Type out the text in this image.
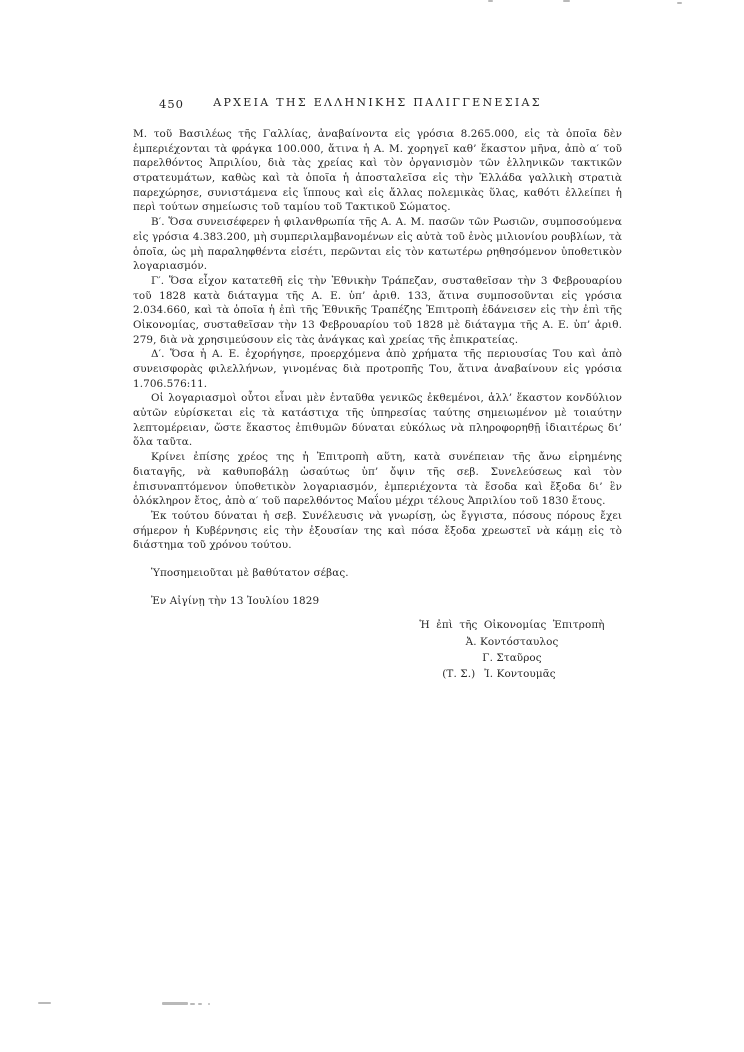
450	ΑΡΧΕΙΑ ΤΗΣ ΕΛΛΗΝΙΚΗΣ ΠΑΛΙΓΓΕΝΕΣΙΑΣ

Μ. τοῦ Βασιλέως τῆς Γαλλίας, ἀναβαίνοντα εἰς γρόσια 8.265.000, εἰς τὰ ὁποῖα δὲν ἐμπεριέχονται τὰ φράγκα 100.000, ἅτινα ἡ Α. Μ. χορηγεῖ καθ’ ἕκαστον μῆνα, ἀπὸ α′ τοῦ παρελθόντος Ἀπριλίου, διὰ τὰς χρείας καὶ τὸν ὀργανισμὸν τῶν ἑλληνικῶν τακτικῶν στρατευμάτων, καθὼς καὶ τὰ ὁποῖα ἡ ἀποσταλεῖσα εἰς τὴν Ἑλλάδα γαλλικὴ στρατιὰ παρεχώρησε, συνιστάμενα εἰς ἵππους καὶ εἰς ἄλλας πολεμικὰς ὕλας, καθότι ἐλλείπει ἡ περὶ τούτων σημείωσις τοῦ ταμίου τοῦ Τακτικοῦ Σώματος.

Β′. Ὅσα συνεισέφερεν ἡ φιλανθρωπία τῆς Α. Α. Μ. πασῶν τῶν Ρωσιῶν, συμποσούμενα εἰς γρόσια 4.383.200, μὴ συμπεριλαμβανομένων εἰς αὐτὰ τοῦ ἑνὸς μιλιονίου ρουβλίων, τὰ ὁποῖα, ὡς μὴ παραληφθέντα εἰσέτι, περῶνται εἰς τὸν κατωτέρω ρηθησόμενον ὑποθετικὸν λογαριασμόν.

Γ′. Ὅσα εἶχον κατατεθῆ εἰς τὴν Ἐθνικὴν Τράπεζαν, συσταθεῖσαν τὴν 3 Φεβρουαρίου τοῦ 1828 κατὰ διάταγμα τῆς Α. Ε. ὑπ’ ἀριθ. 133, ἅτινα συμποσοῦνται εἰς γρόσια 2.034.660, καὶ τὰ ὁποῖα ἡ ἐπὶ τῆς Ἐθνικῆς Τραπέζης Ἐπιτροπὴ ἐδάνεισεν εἰς τὴν ἐπὶ τῆς Οἰκονομίας, συσταθεῖσαν τὴν 13 Φεβρουαρίου τοῦ 1828 μὲ διάταγμα τῆς Α. Ε. ὑπ’ ἀριθ. 279, διὰ νὰ χρησιμεύσουν εἰς τὰς ἀνάγκας καὶ χρείας τῆς ἐπικρατείας.

Δ′. Ὅσα ἡ Α. Ε. ἐχορήγησε, προερχόμενα ἀπὸ χρήματα τῆς περιουσίας Του καὶ ἀπὸ συνεισφορὰς φιλελλήνων, γινομένας διὰ προτροπῆς Του, ἅτινα ἀναβαίνουν εἰς γρόσια 1.706.576:11.

Οἱ λογαριασμοὶ οὗτοι εἶναι μὲν ἐνταῦθα γενικῶς ἐκθεμένοι, ἀλλ’ ἕκαστον κονδύλιον αὐτῶν εὑρίσκεται εἰς τὰ κατάστιχα τῆς ὑπηρεσίας ταύτης σημειωμένον μὲ τοιαύτην λεπτομέρειαν, ὥστε ἕκαστος ἐπιθυμῶν δύναται εὐκόλως νὰ πληροφορηθῇ ἰδιαιτέρως δι’ ὅλα ταῦτα.

Κρίνει ἐπίσης χρέος της ἡ Ἐπιτροπὴ αὕτη, κατὰ συνέπειαν τῆς ἄνω εἰρημένης διαταγῆς, νὰ καθυποβάλῃ ὡσαύτως ὑπ’ ὄψιν τῆς σεβ. Συνελεύσεως καὶ τὸν ἐπισυναπτόμενον ὑποθετικὸν λογαριασμόν, ἐμπεριέχοντα τὰ ἔσοδα καὶ ἔξοδα δι’ ἓν ὁλόκληρον ἔτος, ἀπὸ α′ τοῦ παρελθόντος Μαΐου μέχρι τέλους Ἀπριλίου τοῦ 1830 ἔτους.

Ἐκ τούτου δύναται ἡ σεβ. Συνέλευσις νὰ γνωρίσῃ, ὡς ἔγγιστα, πόσους πόρους ἔχει σήμερον ἡ Κυβέρνησις εἰς τὴν ἐξουσίαν της καὶ πόσα ἔξοδα χρεωστεῖ νὰ κάμῃ εἰς τὸ διάστημα τοῦ χρόνου τούτου.

Ὑποσημειοῦται μὲ βαθύτατον σέβας.

Ἐν Αἰγίνῃ τὴν 13 Ἰουλίου 1829

Ἡ ἐπὶ τῆς Οἰκονομίας Ἐπιτροπὴ
Ἀ. Κοντόσταυλος
Γ. Σταῦρος
(Τ. Σ.) Ἰ. Κοντουμᾶς
